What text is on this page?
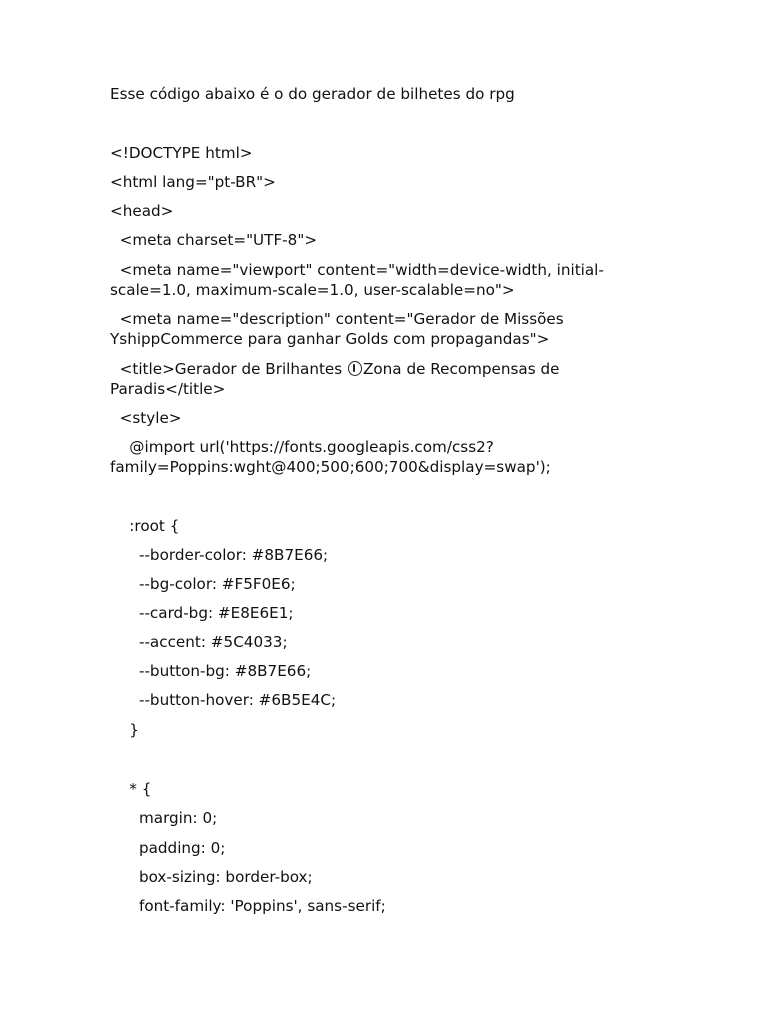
Esse código abaixo é o do gerador de bilhetes do rpg
<!DOCTYPE html>
<html lang="pt-BR">
<head>
<meta charset="UTF-8">
<meta name="viewport" content="width=device-width, initial-
scale=1.0, maximum-scale=1.0, user-scalable=no">
<meta name="description" content="Gerador de Missões
YshippCommerce para ganhar Golds com propagandas">
<title>Gerador de Brilhantes Zona de Recompensas de
Paradis</title>
<style>
@import url('https://fonts.googleapis.com/css2?
family=Poppins:wght@400;500;600;700&display=swap');
:root {
--border-color: #8B7E66;
--bg-color: #F5F0E6;
--card-bg: #E8E6E1;
--accent: #5C4033;
--button-bg: #8B7E66;
--button-hover: #6B5E4C;
}
* {
margin: 0;
padding: 0;
box-sizing: border-box;
font-family: 'Poppins', sans-serif;
